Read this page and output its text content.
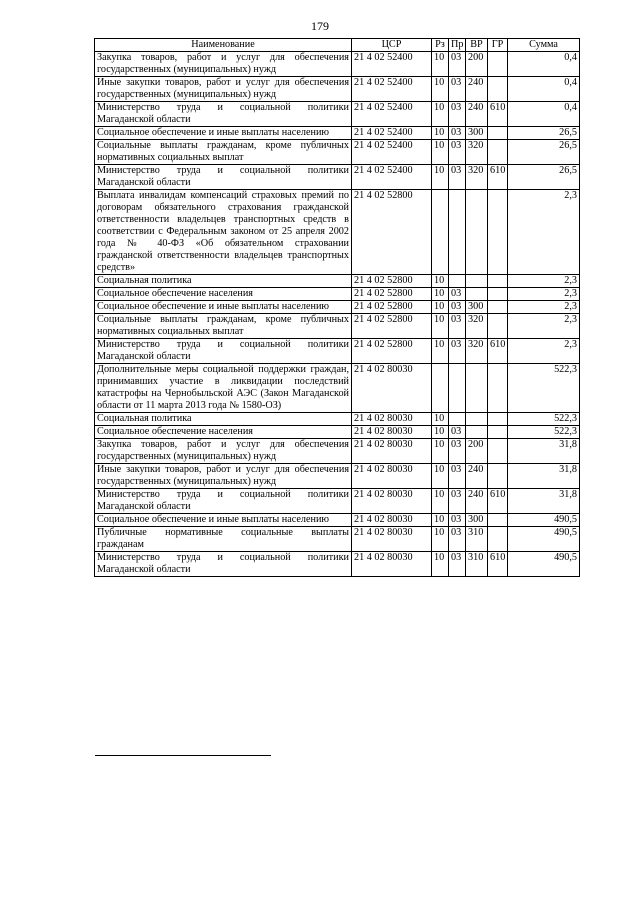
179
Наименование	ЦСР	Рз	Пр	ВР	ГР	Сумма
Закупка товаров, работ и услуг для обеспечения государственных (муниципальных) нужд	21 4 02 52400	10	03	200		0,4
Иные закупки товаров, работ и услуг для обеспечения государственных (муниципальных) нужд	21 4 02 52400	10	03	240		0,4
Министерство труда и социальной политики Магаданской области	21 4 02 52400	10	03	240	610	0,4
Социальное обеспечение и иные выплаты населению	21 4 02 52400	10	03	300		26,5
Социальные выплаты гражданам, кроме публичных нормативных социальных выплат	21 4 02 52400	10	03	320		26,5
Министерство труда и социальной политики Магаданской области	21 4 02 52400	10	03	320	610	26,5
Выплата инвалидам компенсаций страховых премий по договорам обязательного страхования гражданской ответственности владельцев транспортных средств в соответствии с Федеральным законом от 25 апреля 2002 года № 40-ФЗ «Об обязательном страховании гражданской ответственности владельцев транспортных средств»	21 4 02 52800					2,3
Социальная политика	21 4 02 52800	10				2,3
Социальное обеспечение населения	21 4 02 52800	10	03			2,3
Социальное обеспечение и иные выплаты населению	21 4 02 52800	10	03	300		2,3
Социальные выплаты гражданам, кроме публичных нормативных социальных выплат	21 4 02 52800	10	03	320		2,3
Министерство труда и социальной политики Магаданской области	21 4 02 52800	10	03	320	610	2,3
Дополнительные меры социальной поддержки граждан, принимавших участие в ликвидации последствий катастрофы на Чернобыльской АЭС (Закон Магаданской области от 11 марта 2013 года № 1580-ОЗ)	21 4 02 80030					522,3
Социальная политика	21 4 02 80030	10				522,3
Социальное обеспечение населения	21 4 02 80030	10	03			522,3
Закупка товаров, работ и услуг для обеспечения государственных (муниципальных) нужд	21 4 02 80030	10	03	200		31,8
Иные закупки товаров, работ и услуг для обеспечения государственных (муниципальных) нужд	21 4 02 80030	10	03	240		31,8
Министерство труда и социальной политики Магаданской области	21 4 02 80030	10	03	240	610	31,8
Социальное обеспечение и иные выплаты населению	21 4 02 80030	10	03	300		490,5
Публичные нормативные социальные выплаты гражданам	21 4 02 80030	10	03	310		490,5
Министерство труда и социальной политики Магаданской области	21 4 02 80030	10	03	310	610	490,5
